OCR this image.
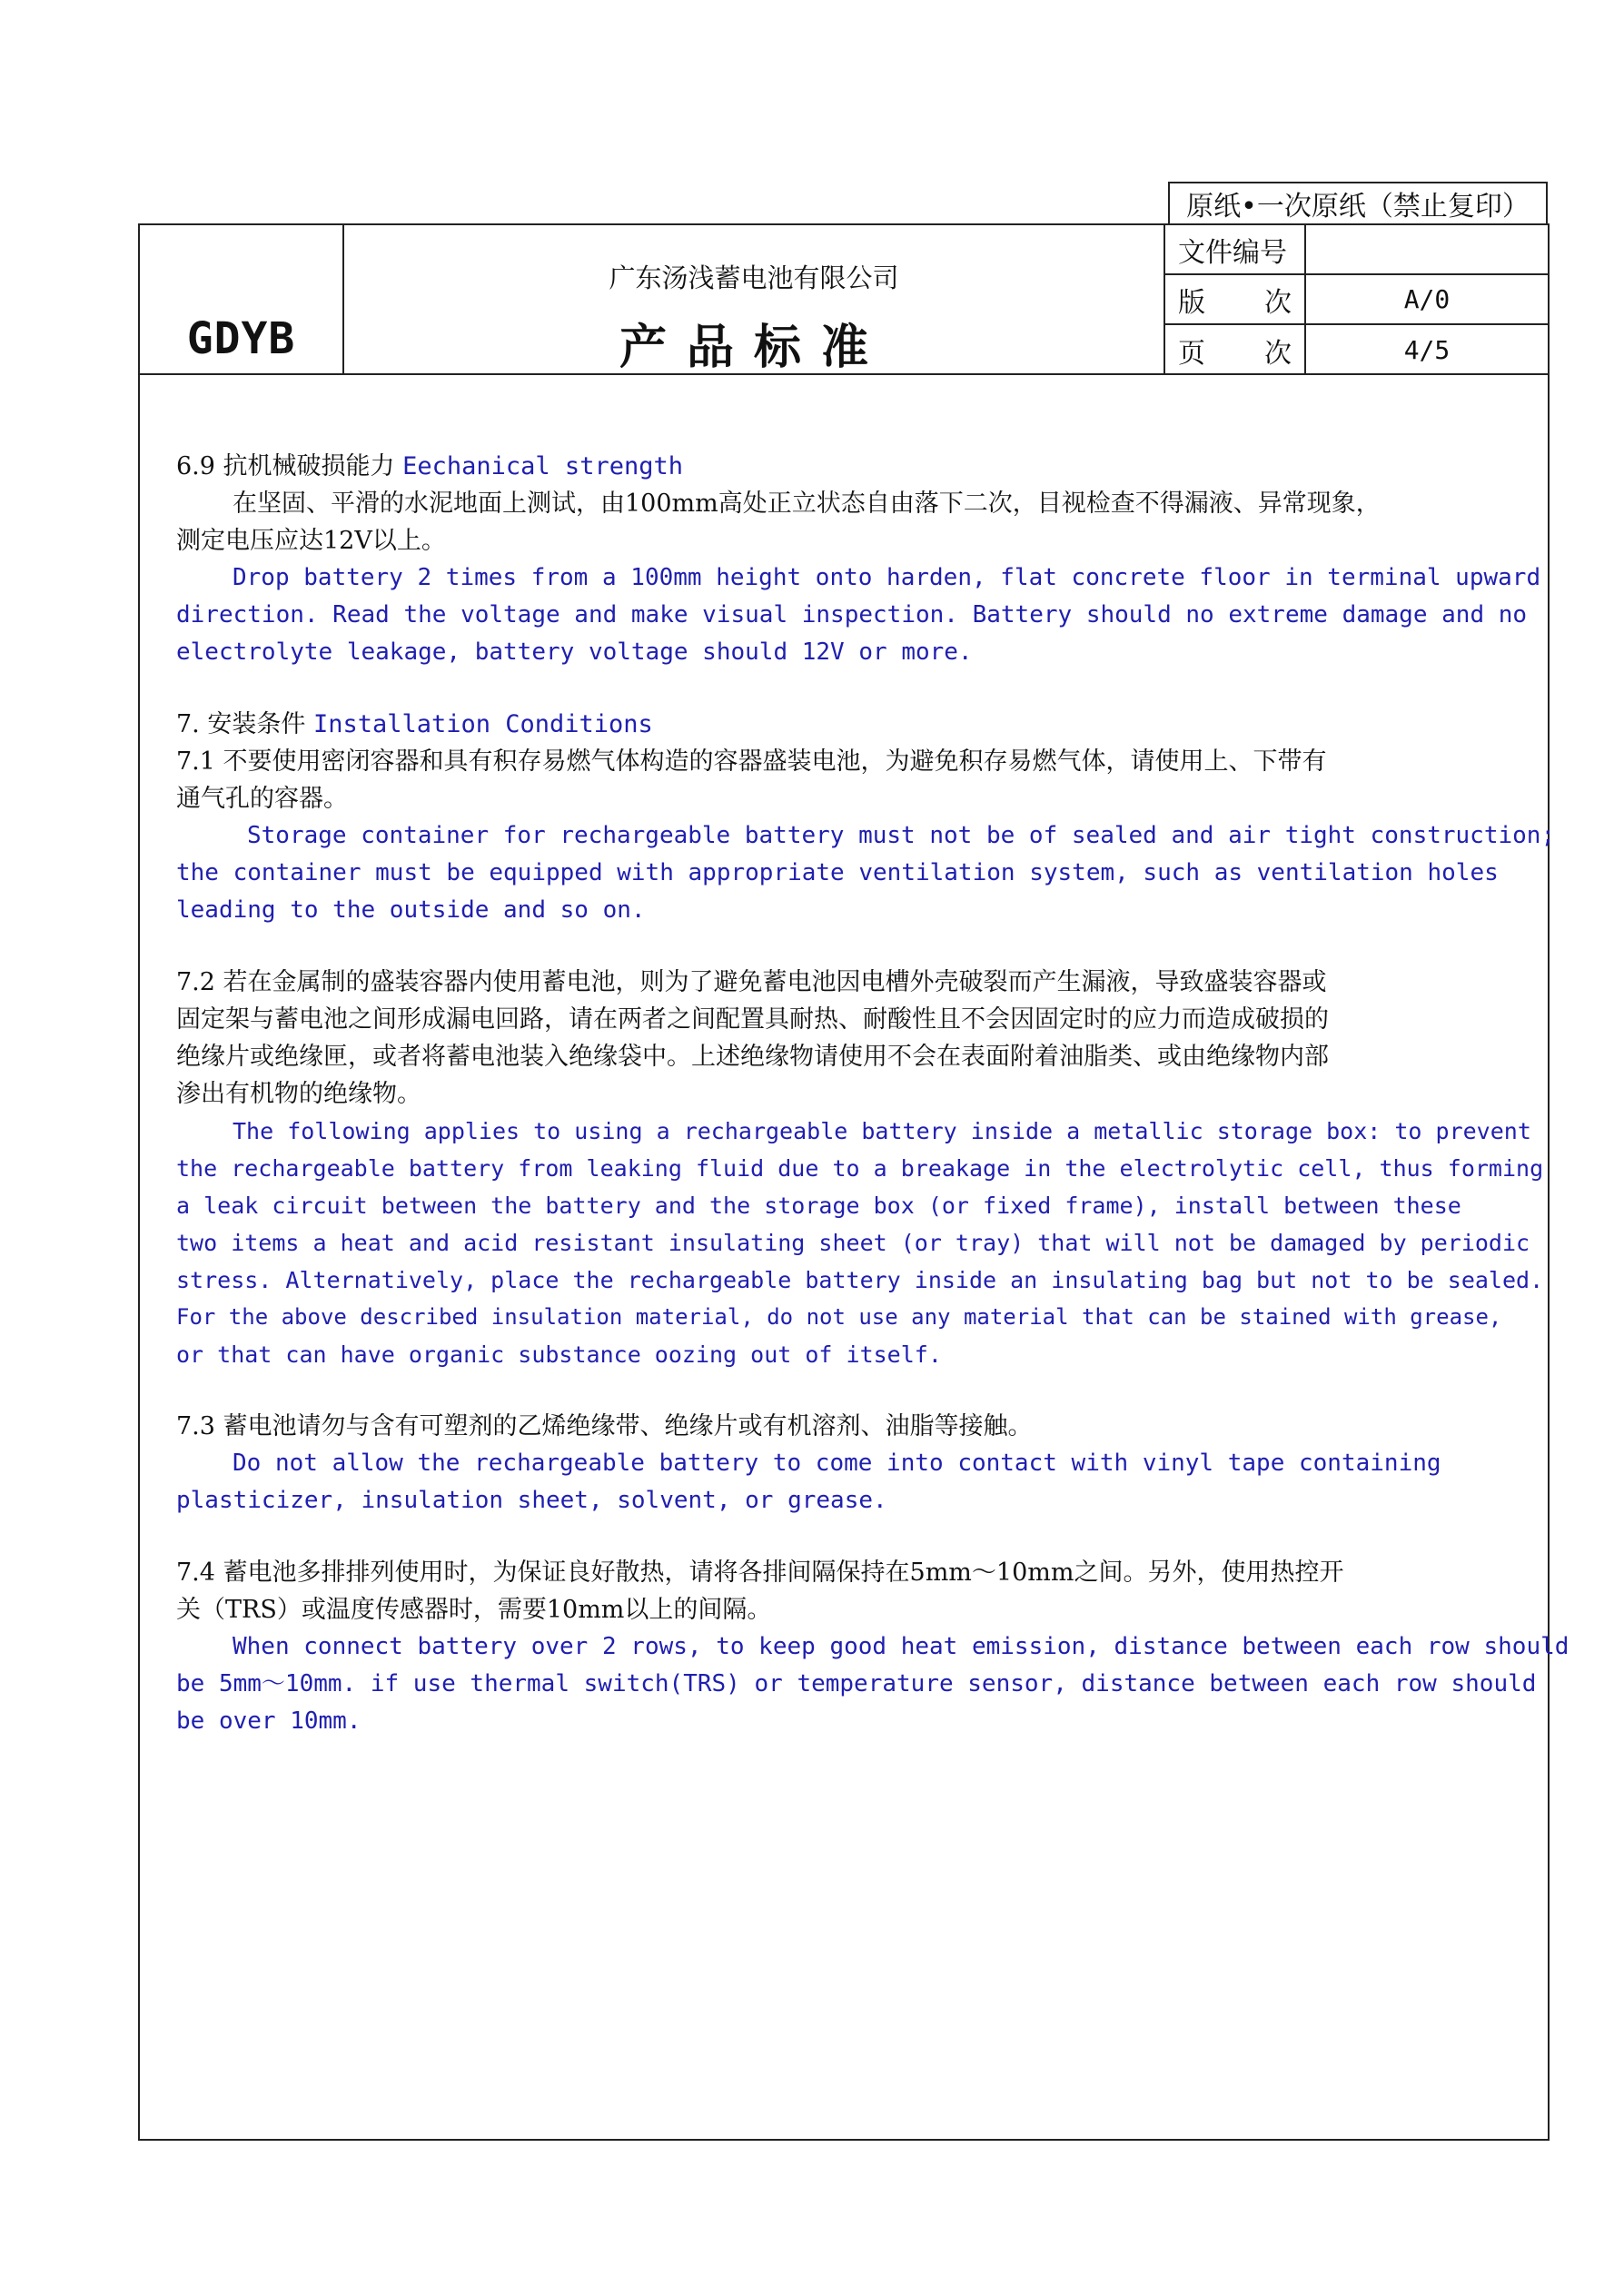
原纸•一次原纸（禁止复印）
GDYB
广东汤浅蓄电池有限公司
产品标准
文件编号
版 次	A/0
页 次	4/5

6.9 抗机械破损能力 Eechanical strength

在坚固、平滑的水泥地面上测试，由100mm高处正立状态自由落下二次，目视检查不得漏液、异常现象，

测定电压应达12V以上。

Drop battery 2 times from a 100mm height onto harden, flat concrete floor in terminal upward

direction. Read the voltage and make visual inspection. Battery should no extreme damage and no

electrolyte leakage, battery voltage should 12V or more.

7. 安装条件 Installation Conditions

7.1 不要使用密闭容器和具有积存易燃气体构造的容器盛装电池，为避免积存易燃气体，请使用上、下带有

通气孔的容器。

Storage container for rechargeable battery must not be of sealed and air tight construction;

the container must be equipped with appropriate ventilation system, such as ventilation holes

leading to the outside and so on.

7.2 若在金属制的盛装容器内使用蓄电池，则为了避免蓄电池因电槽外壳破裂而产生漏液，导致盛装容器或

固定架与蓄电池之间形成漏电回路，请在两者之间配置具耐热、耐酸性且不会因固定时的应力而造成破损的

绝缘片或绝缘匣，或者将蓄电池装入绝缘袋中。上述绝缘物请使用不会在表面附着油脂类、或由绝缘物内部

渗出有机物的绝缘物。

The following applies to using a rechargeable battery inside a metallic storage box: to prevent

the rechargeable battery from leaking fluid due to a breakage in the electrolytic cell, thus forming

a leak circuit between the battery and the storage box (or fixed frame), install between these

two items a heat and acid resistant insulating sheet (or tray) that will not be damaged by periodic

stress. Alternatively, place the rechargeable battery inside an insulating bag but not to be sealed.

For the above described insulation material, do not use any material that can be stained with grease,

or that can have organic substance oozing out of itself.

7.3 蓄电池请勿与含有可塑剂的乙烯绝缘带、绝缘片或有机溶剂、油脂等接触。

Do not allow the rechargeable battery to come into contact with vinyl tape containing

plasticizer, insulation sheet, solvent, or grease.

7.4 蓄电池多排排列使用时，为保证良好散热，请将各排间隔保持在5mm～10mm之间。另外，使用热控开

关（TRS）或温度传感器时，需要10mm以上的间隔。

When connect battery over 2 rows, to keep good heat emission, distance between each row should

be 5mm～10mm. if use thermal switch(TRS) or temperature sensor, distance between each row should

be over 10mm.
